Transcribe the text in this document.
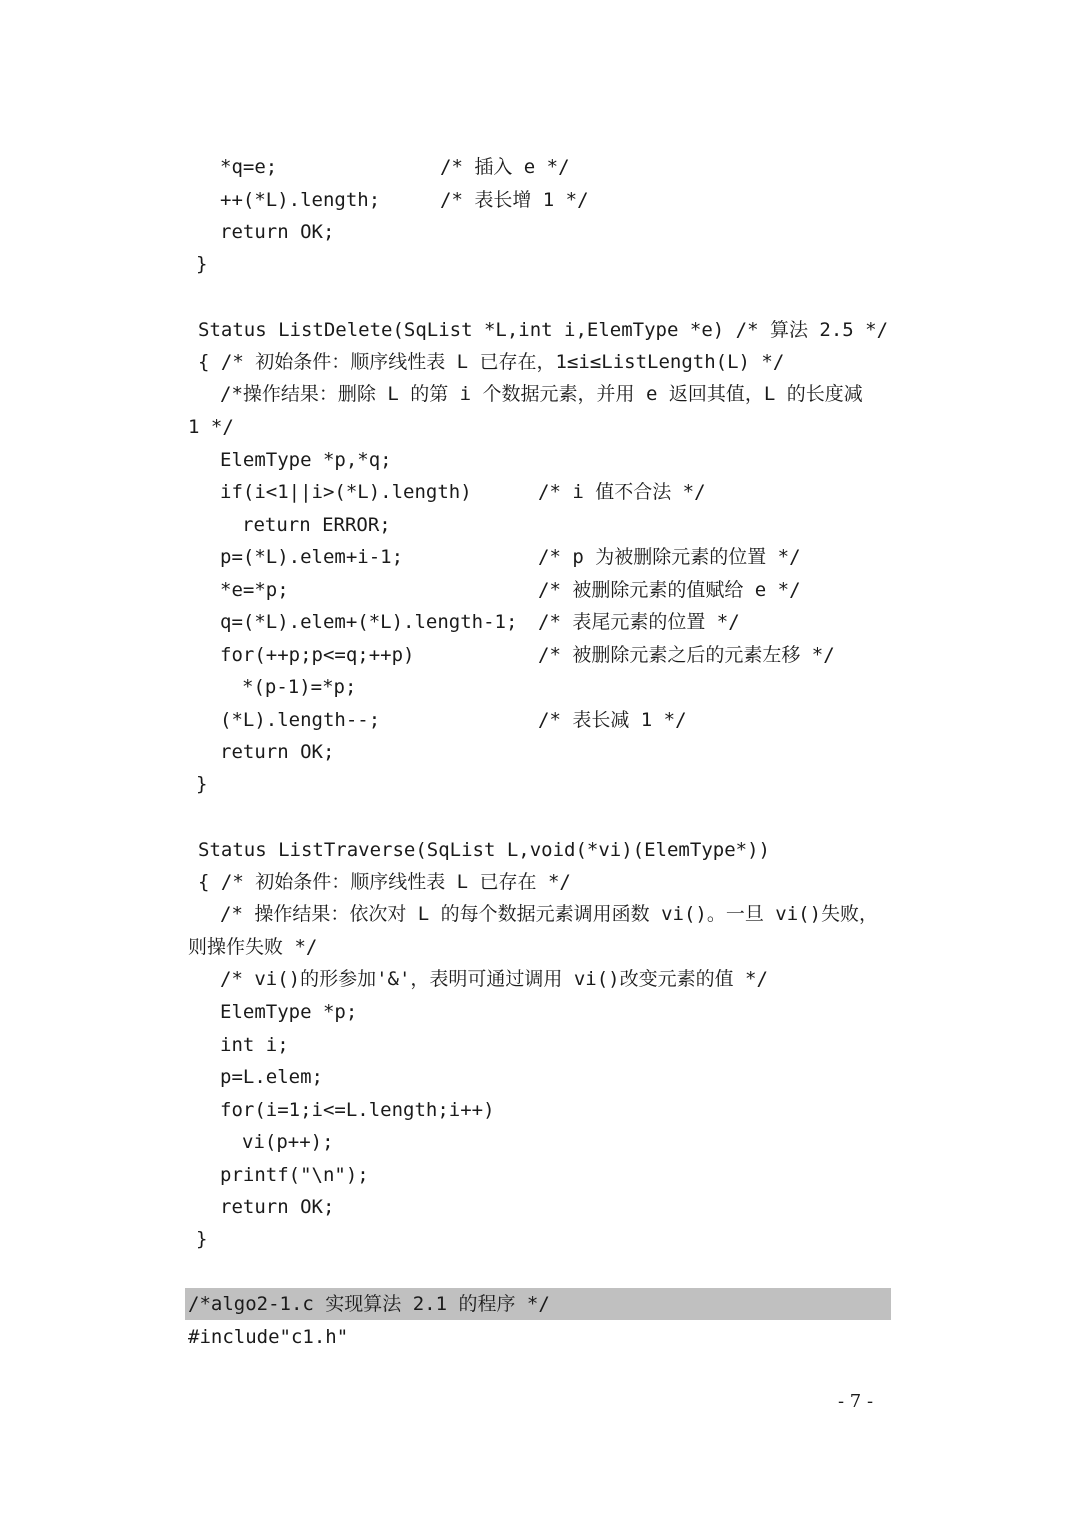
*q=e;	/* 插入 e */
++(*L).length;	/* 表长增 1 */
return OK;
}
Status ListDelete(SqList *L,int i,ElemType *e) /* 算法 2.5 */
{ /* 初始条件：顺序线性表 L 已存在，1≤i≤ListLength(L) */
/*操作结果：删除 L 的第 i 个数据元素，并用 e 返回其值，L 的长度减
1 */
ElemType *p,*q;
if(i<1||i>(*L).length)	/* i 值不合法 */
return ERROR;
p=(*L).elem+i-1;	/* p 为被删除元素的位置 */
*e=*p;	/* 被删除元素的值赋给 e */
q=(*L).elem+(*L).length-1; /* 表尾元素的位置 */
for(++p;p<=q;++p)	/* 被删除元素之后的元素左移 */
*(p-1)=*p;
(*L).length--;	/* 表长减 1 */
return OK;
}
Status ListTraverse(SqList L,void(*vi)(ElemType*))
{ /* 初始条件：顺序线性表 L 已存在 */
/* 操作结果：依次对 L 的每个数据元素调用函数 vi()。一旦 vi()失败，
则操作失败 */
/* vi()的形参加'&'，表明可通过调用 vi()改变元素的值 */
ElemType *p;
int i;
p=L.elem;
for(i=1;i<=L.length;i++)
vi(p++);
printf("\n");
return OK;
}
/*algo2-1.c 实现算法 2.1 的程序 */
#include"c1.h"
- 7 -
